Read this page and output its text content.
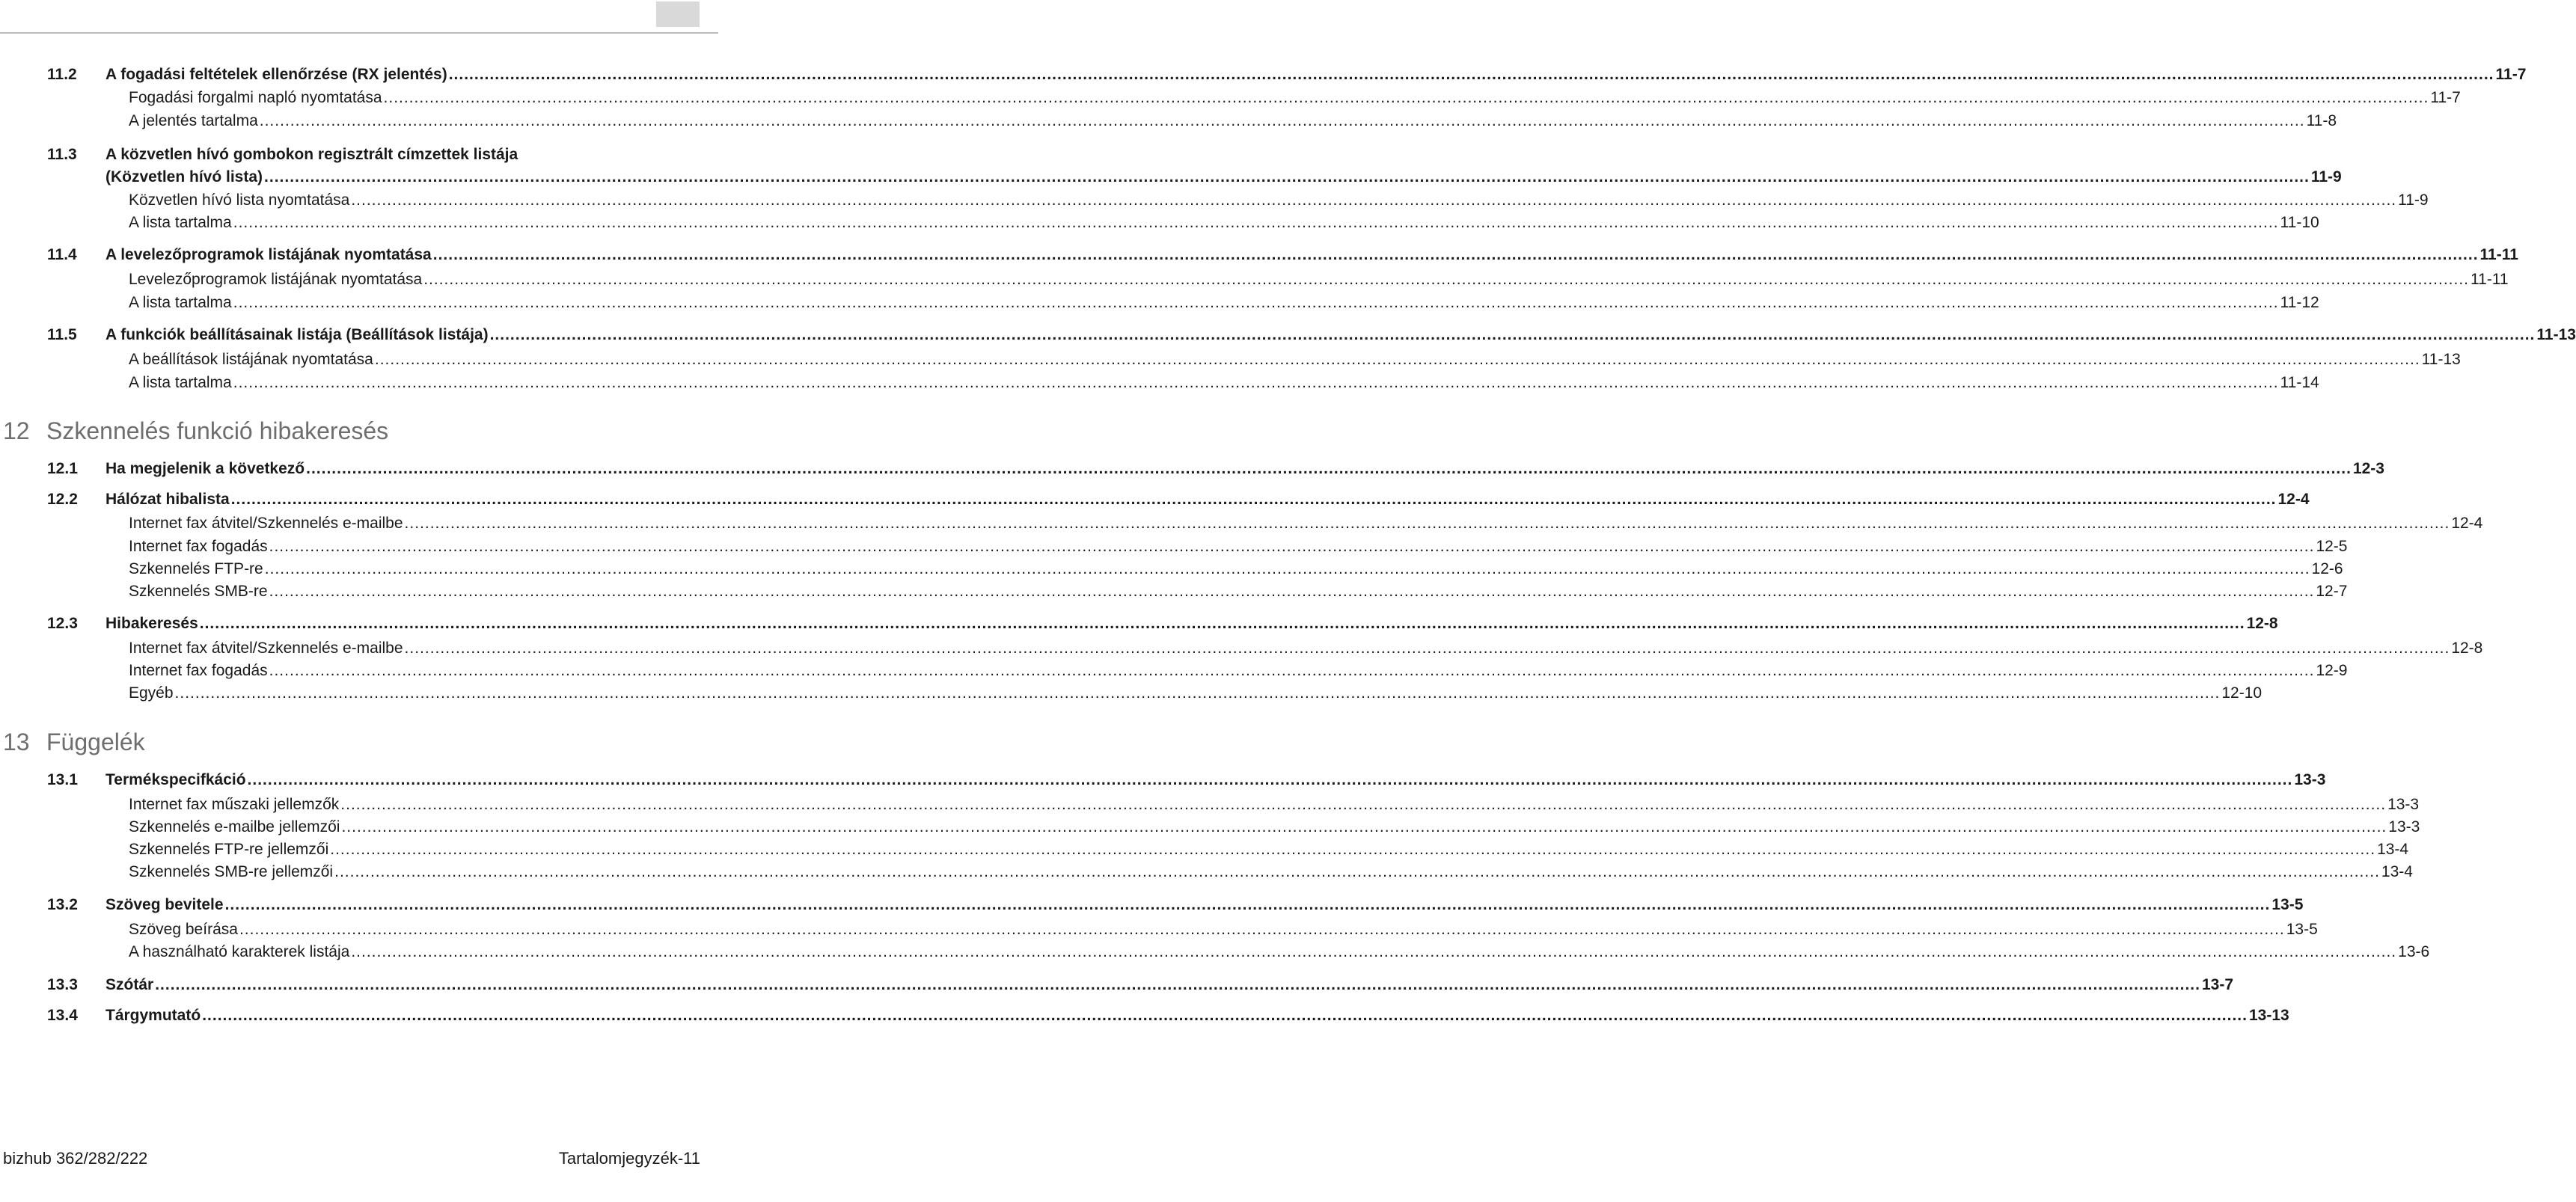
11.2 A fogadási feltételek ellenőrzése (RX jelentés) ................................................................................................................................................................................................................................................................................................................................................................................................................ 11-7
Fogadási forgalmi napló nyomtatása ................................................................................................................................................................................................................................................................................................................................................................................................................ 11-7
A jelentés tartalma ................................................................................................................................................................................................................................................................................................................................................................................................................ 11-8
11.3 A közvetlen hívó gombokon regisztrált címzettek listája
(Közvetlen hívó lista) ................................................................................................................................................................................................................................................................................................................................................................................................................ 11-9
Közvetlen hívó lista nyomtatása ................................................................................................................................................................................................................................................................................................................................................................................................................ 11-9
A lista tartalma ................................................................................................................................................................................................................................................................................................................................................................................................................ 11-10
11.4 A levelezőprogramok listájának nyomtatása ................................................................................................................................................................................................................................................................................................................................................................................................................ 11-11
Levelezőprogramok listájának nyomtatása ................................................................................................................................................................................................................................................................................................................................................................................................................ 11-11
A lista tartalma ................................................................................................................................................................................................................................................................................................................................................................................................................ 11-12
11.5 A funkciók beállításainak listája (Beállítások listája) ................................................................................................................................................................................................................................................................................................................................................................................................................ 11-13
A beállítások listájának nyomtatása ................................................................................................................................................................................................................................................................................................................................................................................................................ 11-13
A lista tartalma ................................................................................................................................................................................................................................................................................................................................................................................................................ 11-14
12.1 Ha megjelenik a következő ................................................................................................................................................................................................................................................................................................................................................................................................................ 12-3
12.2 Hálózat hibalista ................................................................................................................................................................................................................................................................................................................................................................................................................ 12-4
Internet fax átvitel/Szkennelés e-mailbe ................................................................................................................................................................................................................................................................................................................................................................................................................ 12-4
Internet fax fogadás ................................................................................................................................................................................................................................................................................................................................................................................................................ 12-5
Szkennelés FTP-re ................................................................................................................................................................................................................................................................................................................................................................................................................ 12-6
Szkennelés SMB-re ................................................................................................................................................................................................................................................................................................................................................................................................................ 12-7
12.3 Hibakeresés ................................................................................................................................................................................................................................................................................................................................................................................................................ 12-8
Internet fax átvitel/Szkennelés e-mailbe ................................................................................................................................................................................................................................................................................................................................................................................................................ 12-8
Internet fax fogadás ................................................................................................................................................................................................................................................................................................................................................................................................................ 12-9
Egyéb ................................................................................................................................................................................................................................................................................................................................................................................................................ 12-10
13.1 Termékspecifkáció ................................................................................................................................................................................................................................................................................................................................................................................................................ 13-3
Internet fax műszaki jellemzők ................................................................................................................................................................................................................................................................................................................................................................................................................ 13-3
Szkennelés e-mailbe jellemzői ................................................................................................................................................................................................................................................................................................................................................................................................................ 13-3
Szkennelés FTP-re jellemzői ................................................................................................................................................................................................................................................................................................................................................................................................................ 13-4
Szkennelés SMB-re jellemzői ................................................................................................................................................................................................................................................................................................................................................................................................................ 13-4
13.2 Szöveg bevitele ................................................................................................................................................................................................................................................................................................................................................................................................................ 13-5
Szöveg beírása ................................................................................................................................................................................................................................................................................................................................................................................................................ 13-5
A használható karakterek listája ................................................................................................................................................................................................................................................................................................................................................................................................................ 13-6
13.3 Szótár ................................................................................................................................................................................................................................................................................................................................................................................................................ 13-7
13.4 Tárgymutató ................................................................................................................................................................................................................................................................................................................................................................................................................ 13-13
12 Szkennelés funkció hibakeresés
13 Függelék
bizhub 362/282/222	Tartalomjegyzék-11
